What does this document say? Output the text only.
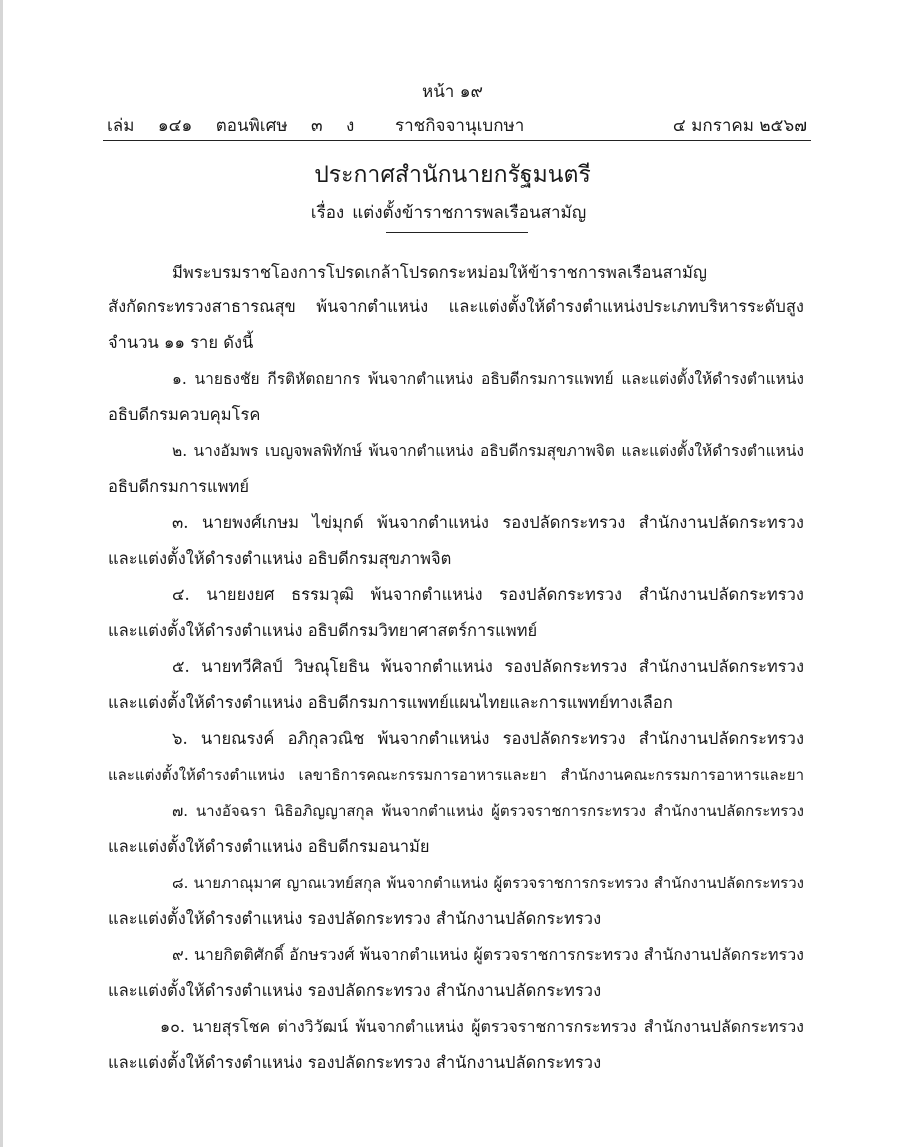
หน้า ๑๙
เล่ม ๑๔๑ ตอนพิเศษ ๓ ง	ราชกิจจานุเบกษา	๔ มกราคม ๒๕๖๗
ประกาศสำนักนายกรัฐมนตรี
เรื่อง แต่งตั้งข้าราชการพลเรือนสามัญ
มีพระบรมราชโองการโปรดเกล้าโปรดกระหม่อมให้ข้าราชการพลเรือนสามัญ
สังกัดกระทรวงสาธารณสุข พ้นจากตำแหน่ง และแต่งตั้งให้ดำรงตำแหน่งประเภทบริหารระดับสูง
จำนวน ๑๑ ราย ดังนี้
๑. นายธงชัย กีรติหัตถยากร พ้นจากตำแหน่ง อธิบดีกรมการแพทย์ และแต่งตั้งให้ดำรงตำแหน่ง
อธิบดีกรมควบคุมโรค
๒. นางอัมพร เบญจพลพิทักษ์ พ้นจากตำแหน่ง อธิบดีกรมสุขภาพจิต และแต่งตั้งให้ดำรงตำแหน่ง
อธิบดีกรมการแพทย์
๓. นายพงศ์เกษม ไข่มุกด์ พ้นจากตำแหน่ง รองปลัดกระทรวง สำนักงานปลัดกระทรวง
และแต่งตั้งให้ดำรงตำแหน่ง อธิบดีกรมสุขภาพจิต
๔. นายยงยศ ธรรมวุฒิ พ้นจากตำแหน่ง รองปลัดกระทรวง สำนักงานปลัดกระทรวง
และแต่งตั้งให้ดำรงตำแหน่ง อธิบดีกรมวิทยาศาสตร์การแพทย์
๕. นายทวีศิลป์ วิษณุโยธิน พ้นจากตำแหน่ง รองปลัดกระทรวง สำนักงานปลัดกระทรวง
และแต่งตั้งให้ดำรงตำแหน่ง อธิบดีกรมการแพทย์แผนไทยและการแพทย์ทางเลือก
๖. นายณรงค์ อภิกุลวณิช พ้นจากตำแหน่ง รองปลัดกระทรวง สำนักงานปลัดกระทรวง
และแต่งตั้งให้ดำรงตำแหน่ง เลขาธิการคณะกรรมการอาหารและยา สำนักงานคณะกรรมการอาหารและยา
๗. นางอัจฉรา นิธิอภิญญาสกุล พ้นจากตำแหน่ง ผู้ตรวจราชการกระทรวง สำนักงานปลัดกระทรวง
และแต่งตั้งให้ดำรงตำแหน่ง อธิบดีกรมอนามัย
๘. นายภาณุมาศ ญาณเวทย์สกุล พ้นจากตำแหน่ง ผู้ตรวจราชการกระทรวง สำนักงานปลัดกระทรวง
และแต่งตั้งให้ดำรงตำแหน่ง รองปลัดกระทรวง สำนักงานปลัดกระทรวง
๙. นายกิตติศักดิ์ อักษรวงศ์ พ้นจากตำแหน่ง ผู้ตรวจราชการกระทรวง สำนักงานปลัดกระทรวง
และแต่งตั้งให้ดำรงตำแหน่ง รองปลัดกระทรวง สำนักงานปลัดกระทรวง
๑๐. นายสุรโชค ต่างวิวัฒน์ พ้นจากตำแหน่ง ผู้ตรวจราชการกระทรวง สำนักงานปลัดกระทรวง
และแต่งตั้งให้ดำรงตำแหน่ง รองปลัดกระทรวง สำนักงานปลัดกระทรวง
